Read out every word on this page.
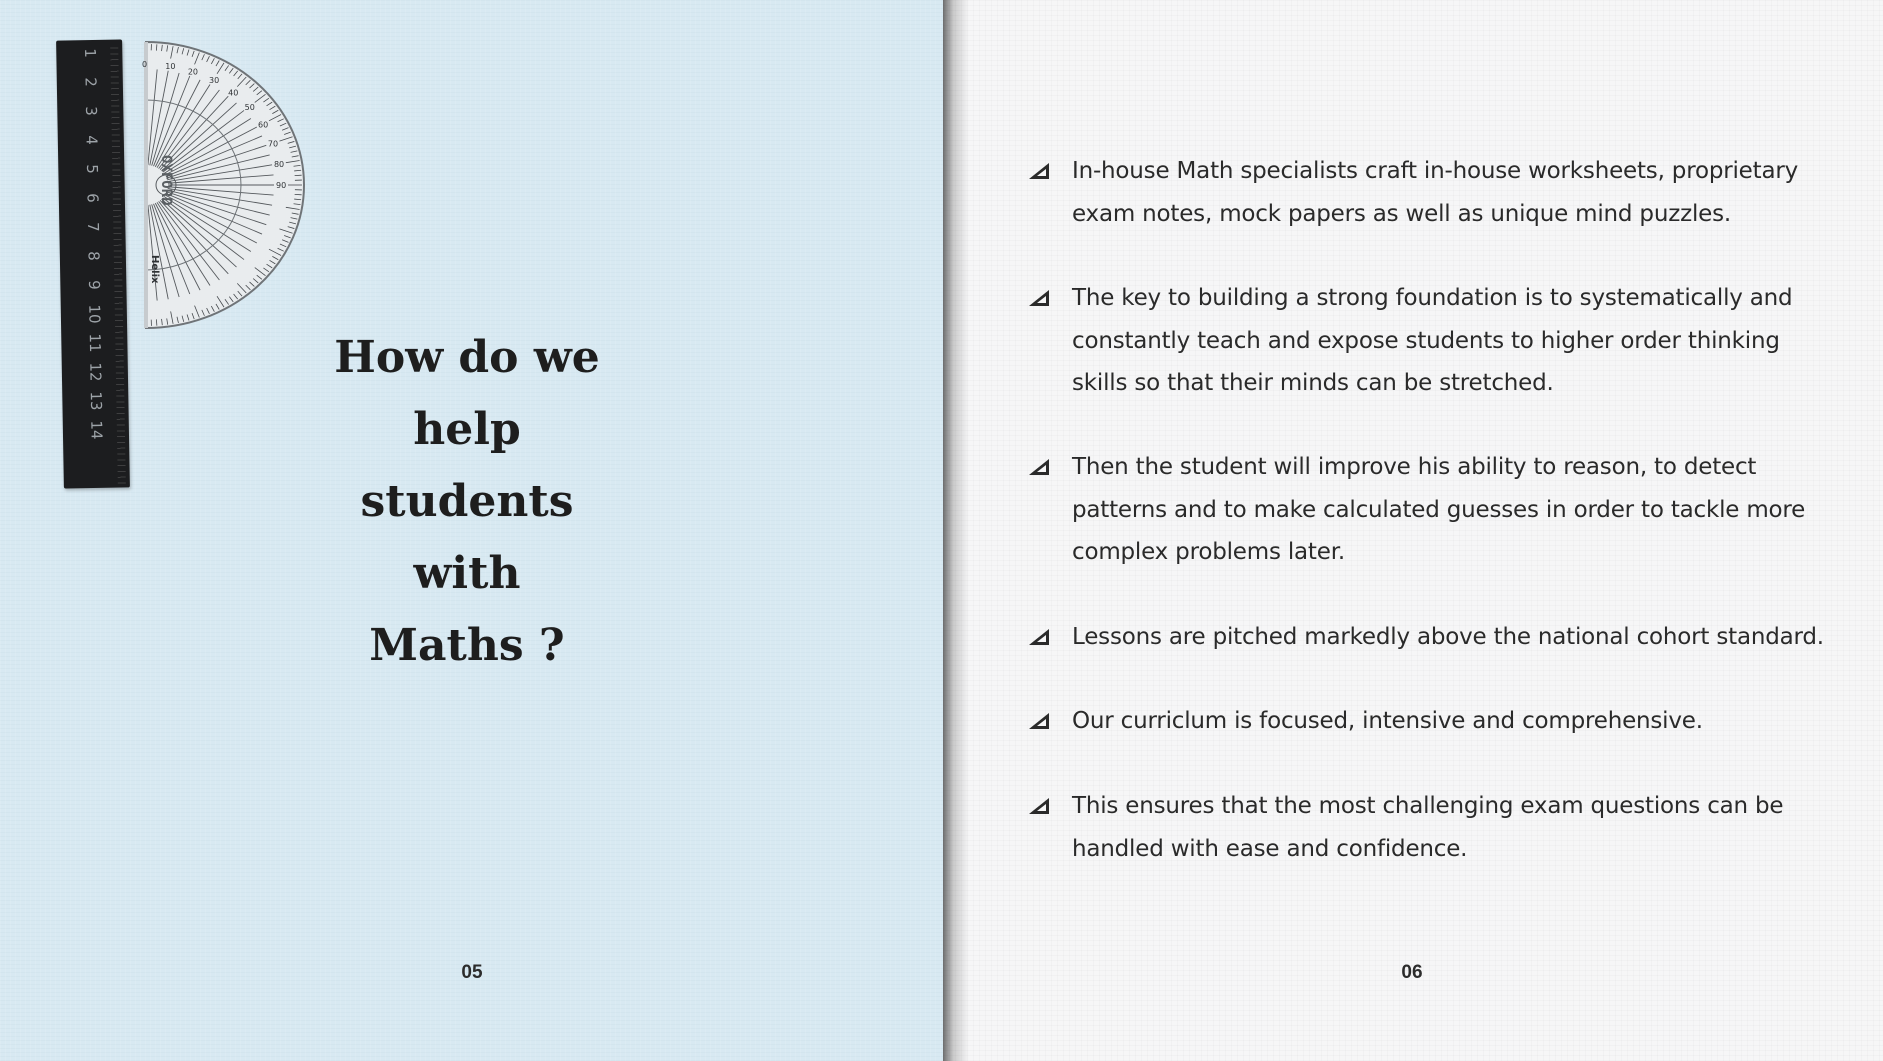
1
2
3
4
5
6
7
8
9
10
11
12
13
14
OXFORD
Helix
0 10
20
30
40
50
60
70
80
90
How do we
help
students
with
Maths ?
05
In-house Math specialists craft in-house worksheets, proprietary
exam notes, mock papers as well as unique mind puzzles.
The key to building a strong foundation is to systematically and
constantly teach and expose students to higher order thinking
skills so that their minds can be stretched.
Then the student will improve his ability to reason, to detect
patterns and to make calculated guesses in order to tackle more
complex problems later.
Lessons are pitched markedly above the national cohort standard.
Our curriclum is focused, intensive and comprehensive.
This ensures that the most challenging exam questions can be
handled with ease and confidence.
06
